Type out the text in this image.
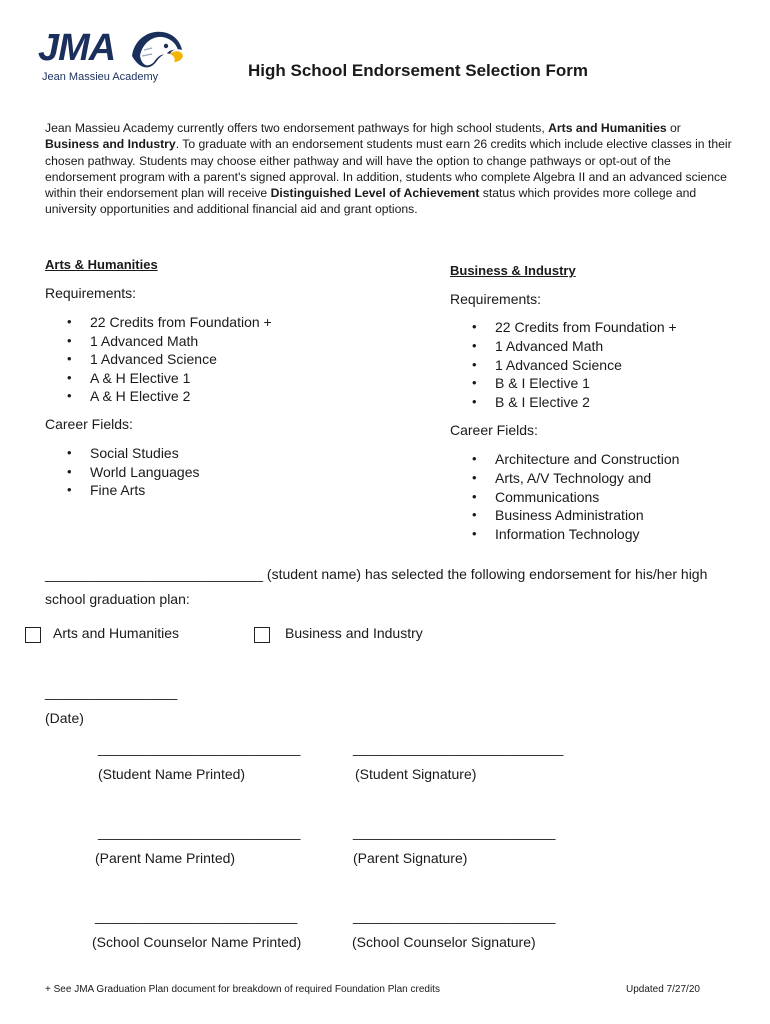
JMA
Jean Massieu Academy	High School Endorsement Selection Form
Jean Massieu Academy currently offers two endorsement pathways for high school students, Arts and Humanities or Business and Industry. To graduate with an endorsement students must earn 26 credits which include elective classes in their chosen pathway. Students may choose either pathway and will have the option to change pathways or opt-out of the endorsement program with a parent's signed approval. In addition, students who complete Algebra II and an advanced science within their endorsement plan will receive Distinguished Level of Achievement status which provides more college and university opportunities and additional financial aid and grant options.
Arts & Humanities
Requirements:
• 22 Credits from Foundation +
• 1 Advanced Math
• 1 Advanced Science
• A & H Elective 1
• A & H Elective 2
Career Fields:
• Social Studies
• World Languages
• Fine Arts
Business & Industry
Requirements:
• 22 Credits from Foundation +
• 1 Advanced Math
• 1 Advanced Science
• B & I Elective 1
• B & I Elective 2
Career Fields:
• Architecture and Construction
• Arts, A/V Technology and
• Communications
• Business Administration
• Information Technology
____________________________ (student name) has selected the following endorsement for his/her high
school graduation plan:
Arts and Humanities	Business and Industry
_________________
(Date)
__________________________
(Student Name Printed)
___________________________
(Student Signature)
__________________________
(Parent Name Printed)
__________________________
(Parent Signature)
__________________________
(School Counselor Name Printed)
__________________________
(School Counselor Signature)
+ See JMA Graduation Plan document for breakdown of required Foundation Plan credits	Updated 7/27/20
